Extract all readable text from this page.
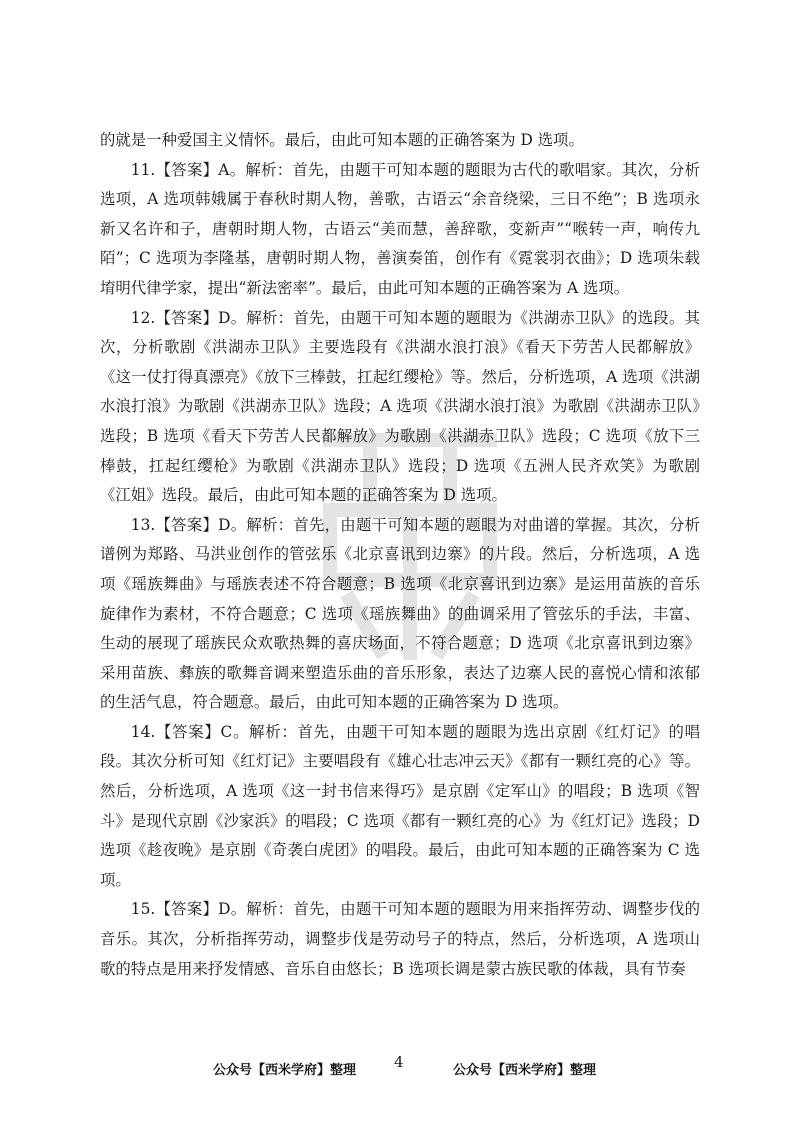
的就是一种爱国主义情怀。最后，由此可知本题的正确答案为 D 选项。

11.【答案】A。解析：首先，由题干可知本题的题眼为古代的歌唱家。其次，分析选项，A 选项韩娥属于春秋时期人物，善歌，古语云“余音绕梁，三日不绝”；B 选项永新又名许和子，唐朝时期人物，古语云“美而慧，善辞歌，变新声”“喉转一声，响传九陌”；C 选项为李隆基，唐朝时期人物，善演奏笛，创作有《霓裳羽衣曲》；D 选项朱载堉明代律学家，提出“新法密率”。最后，由此可知本题的正确答案为 A 选项。

12.【答案】D。解析：首先，由题干可知本题的题眼为《洪湖赤卫队》的选段。其次，分析歌剧《洪湖赤卫队》主要选段有《洪湖水浪打浪》《看天下劳苦人民都解放》《这一仗打得真漂亮》《放下三棒鼓，扛起红缨枪》等。然后，分析选项，A 选项《洪湖水浪打浪》为歌剧《洪湖赤卫队》选段；A 选项《洪湖水浪打浪》为歌剧《洪湖赤卫队》选段；B 选项《看天下劳苦人民都解放》为歌剧《洪湖赤卫队》选段；C 选项《放下三棒鼓，扛起红缨枪》为歌剧《洪湖赤卫队》选段；D 选项《五洲人民齐欢笑》为歌剧《江姐》选段。最后，由此可知本题的正确答案为 D 选项。

13.【答案】D。解析：首先，由题干可知本题的题眼为对曲谱的掌握。其次，分析谱例为郑路、马洪业创作的管弦乐《北京喜讯到边寨》的片段。然后，分析选项，A 选项《瑶族舞曲》与瑶族表述不符合题意；B 选项《北京喜讯到边寨》是运用苗族的音乐旋律作为素材，不符合题意；C 选项《瑶族舞曲》的曲调采用了管弦乐的手法，丰富、生动的展现了瑶族民众欢歌热舞的喜庆场面，不符合题意；D 选项《北京喜讯到边寨》采用苗族、彝族的歌舞音调来塑造乐曲的音乐形象，表达了边寨人民的喜悦心情和浓郁的生活气息，符合题意。最后，由此可知本题的正确答案为 D 选项。

14.【答案】C。解析：首先，由题干可知本题的题眼为选出京剧《红灯记》的唱段。其次分析可知《红灯记》主要唱段有《雄心壮志冲云天》《都有一颗红亮的心》等。然后，分析选项，A 选项《这一封书信来得巧》是京剧《定军山》的唱段；B 选项《智斗》是现代京剧《沙家浜》的唱段；C 选项《都有一颗红亮的心》为《红灯记》选段；D 选项《趁夜晚》是京剧《奇袭白虎团》的唱段。最后，由此可知本题的正确答案为 C 选项。

15.【答案】D。解析：首先，由题干可知本题的题眼为用来指挥劳动、调整步伐的音乐。其次，分析指挥劳动，调整步伐是劳动号子的特点，然后，分析选项，A 选项山歌的特点是用来抒发情感、音乐自由悠长；B 选项长调是蒙古族民歌的体裁，具有节奏

公众号【西米学府】整理	4	公众号【西米学府】整理
